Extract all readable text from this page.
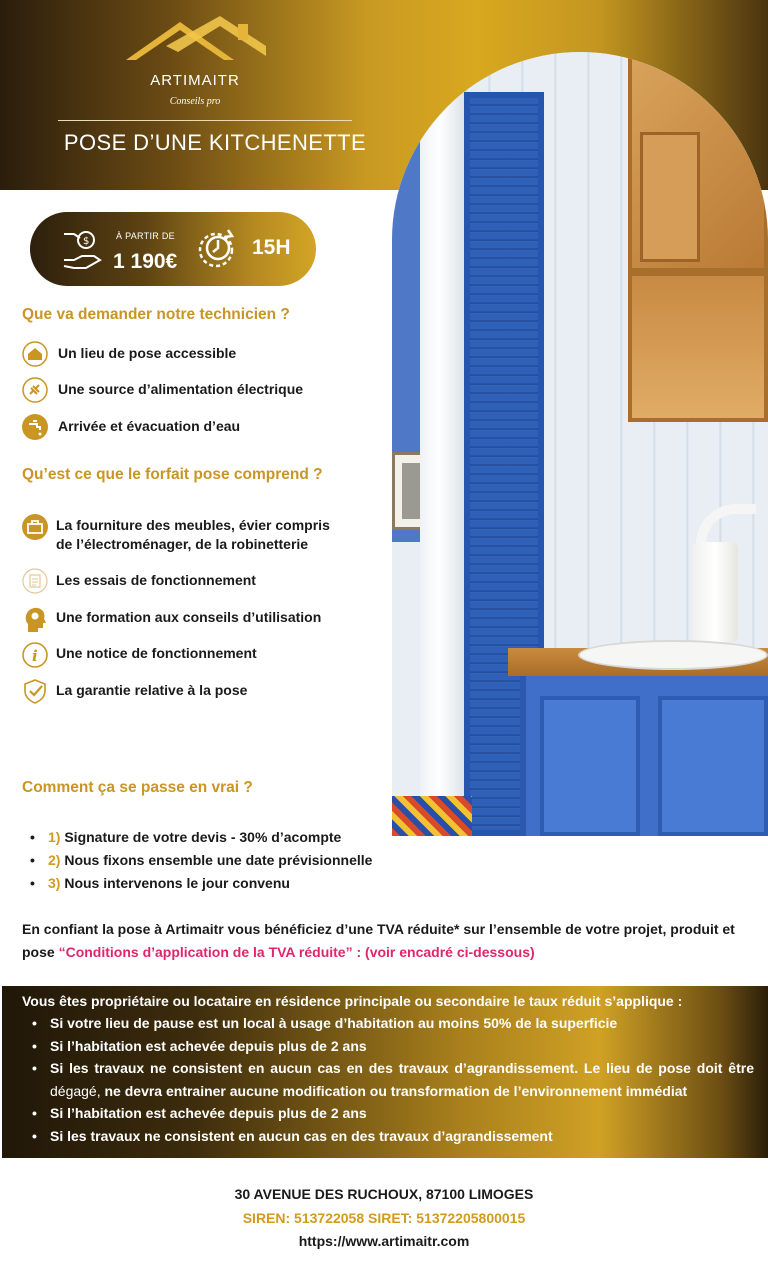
ARTIMAITR
Conseils pro
POSE D’UNE KITCHENETTE
$	À PARTIR DE
1 190€
15H
Que va demander notre technicien ?
Un lieu de pose accessible
Une source d’alimentation électrique
Arrivée et évacuation d’eau
Qu’est ce que le forfait pose comprend ?
La fourniture des meubles, évier compris
de l’électroménager, de la robinetterie
Les essais de fonctionnement
Une formation aux conseils d’utilisation
i Une notice de fonctionnement
La garantie relative à la pose
Comment ça se passe en vrai ?
• 1) Signature de votre devis - 30% d’acompte
• 2) Nous fixons ensemble une date prévisionnelle
• 3) Nous intervenons le jour convenu
En confiant la pose à Artimaitr vous bénéficiez d’une TVA réduite* sur l’ensemble de votre projet, produit et pose “Conditions d’application de la TVA réduite” : (voir encadré ci-dessous)
Vous êtes propriétaire ou locataire en résidence principale ou secondaire le taux réduit s’applique :
• Si votre lieu de pause est un local à usage d’habitation au moins 50% de la superficie
• Si l’habitation est achevée depuis plus de 2 ans
• Si les travaux ne consistent en aucun cas en des travaux d’agrandissement. Le lieu de pose doit être dégagé, ne devra entrainer aucune modification ou transformation de l’environnement immédiat
• Si l’habitation est achevée depuis plus de 2 ans
• Si les travaux ne consistent en aucun cas en des travaux d’agrandissement
30 AVENUE DES RUCHOUX, 87100 LIMOGES
SIREN: 513722058 SIRET: 51372205800015
https://www.artimaitr.com
